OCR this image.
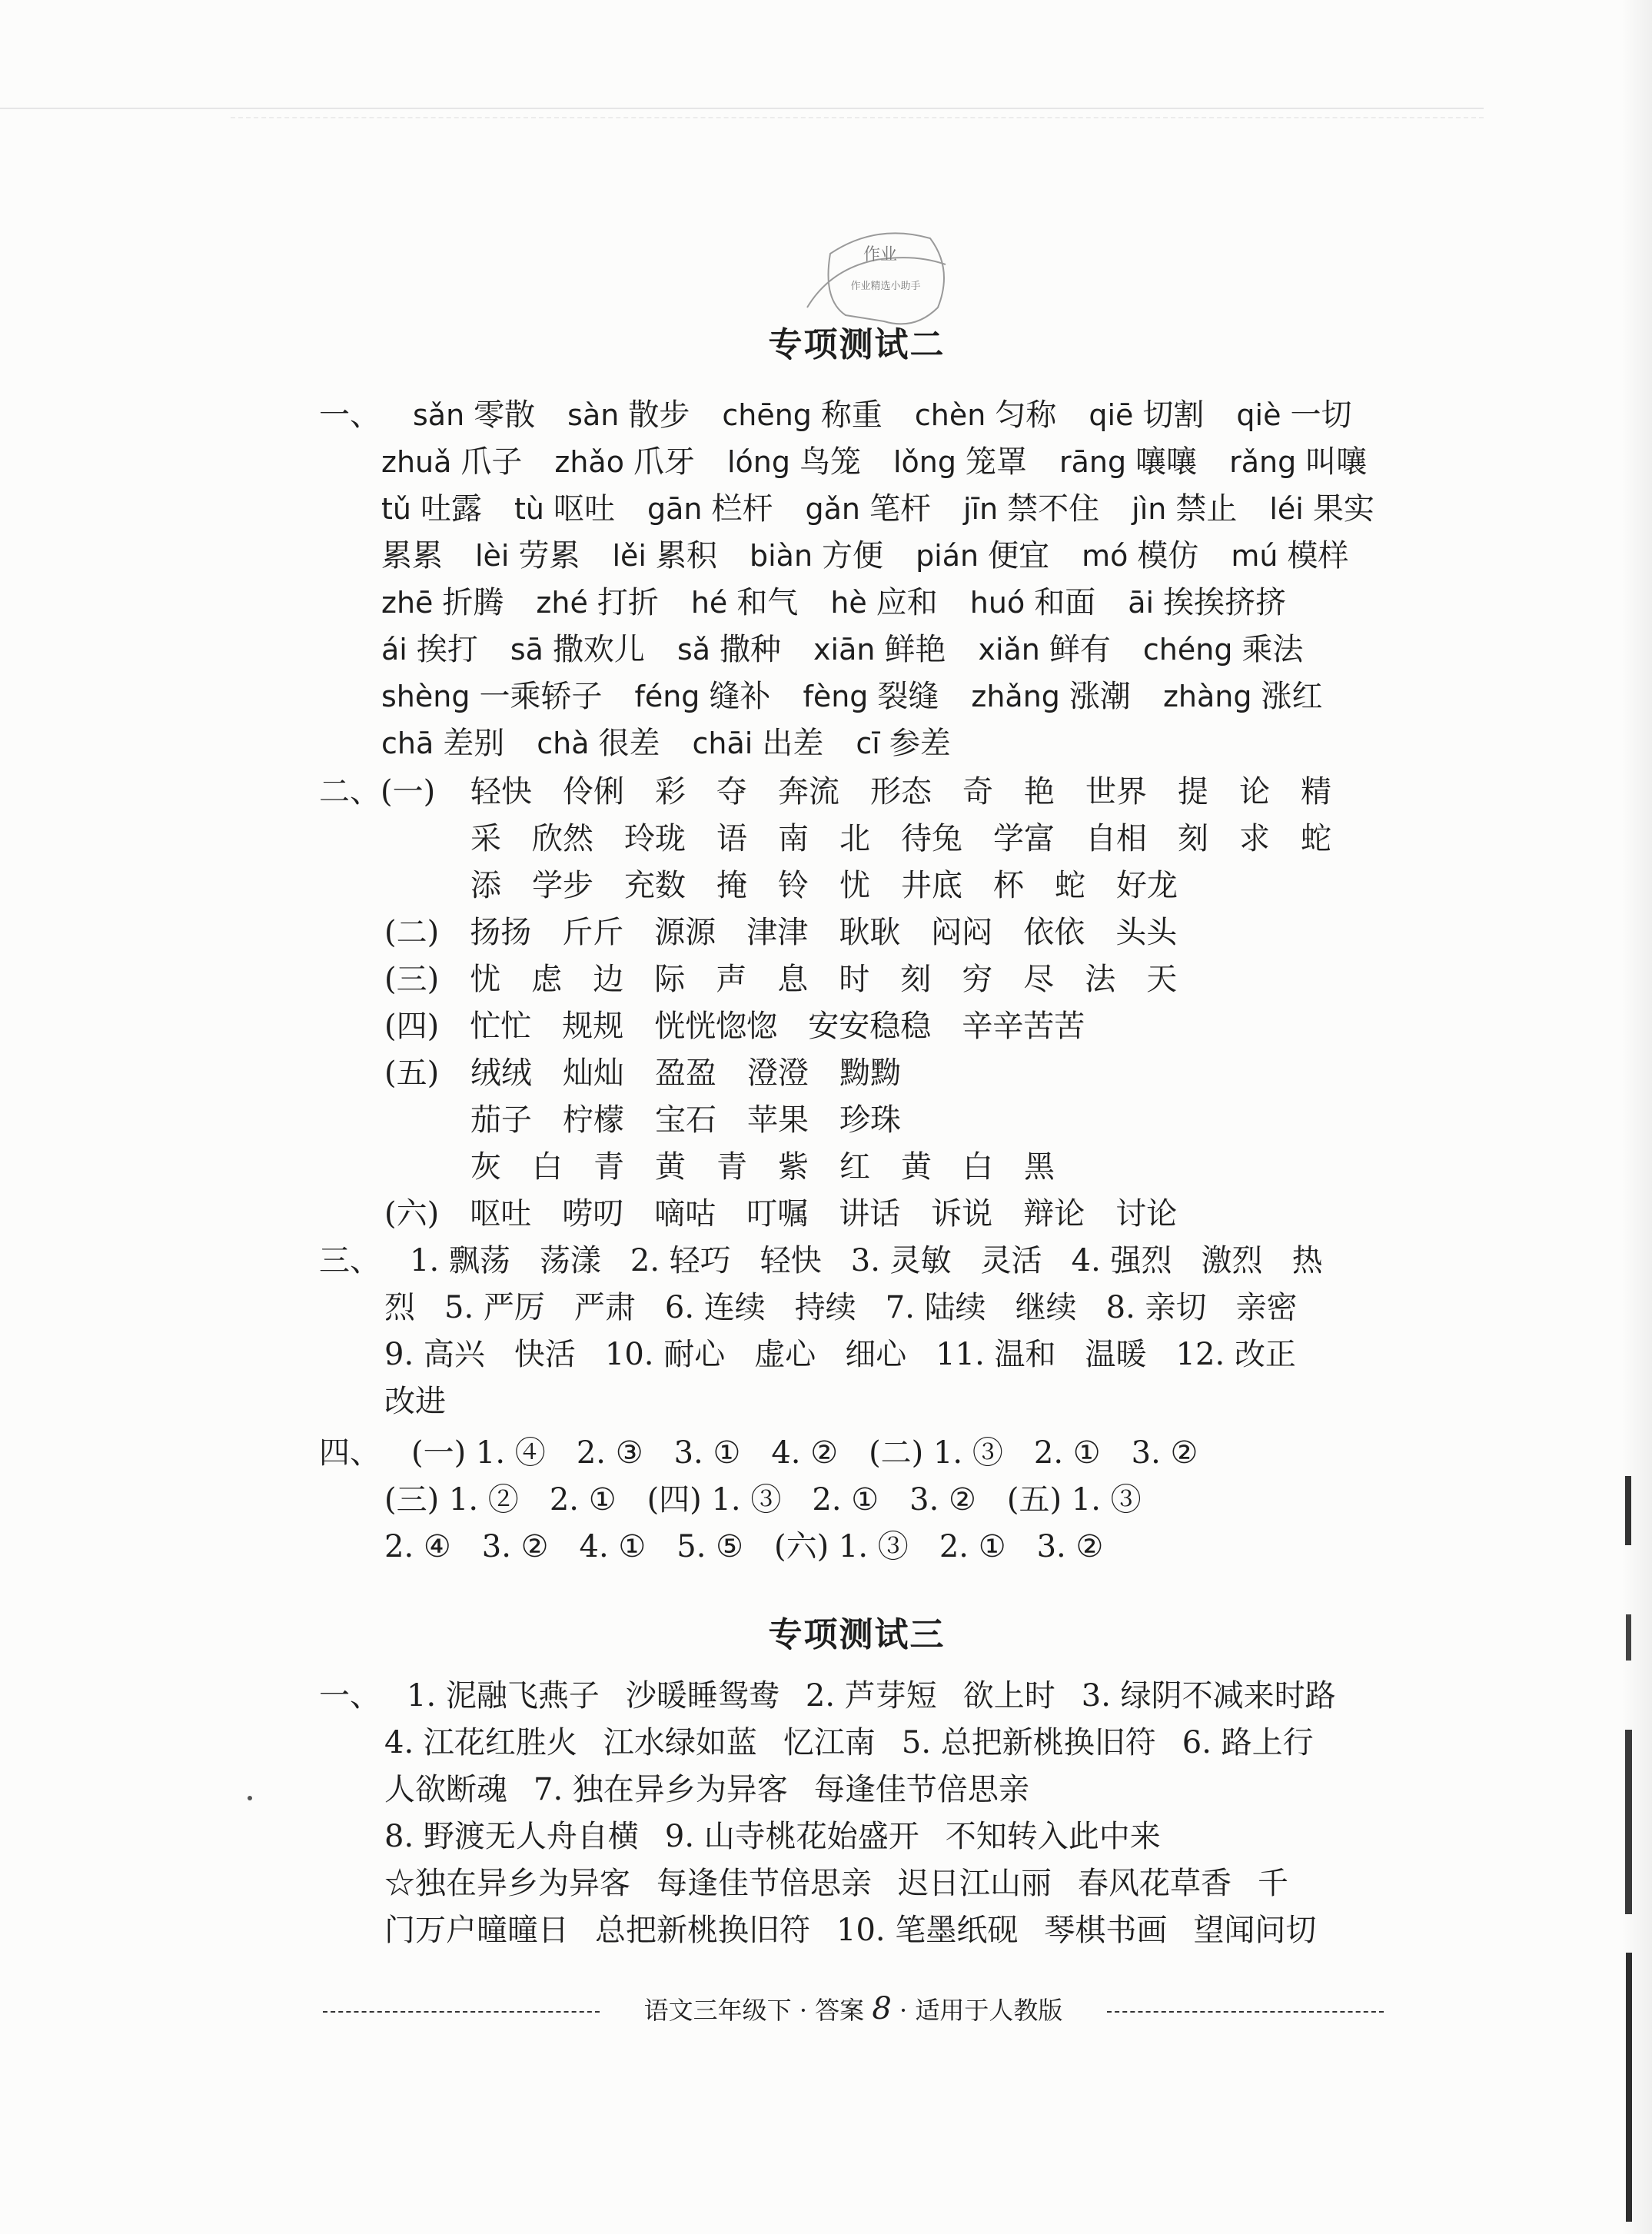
作业
作业精选小助手
专项测试二
专项测试三
一、 sǎn 零散 sàn 散步 chēng 称重 chèn 匀称 qiē 切割 qiè 一切
zhuǎ 爪子 zhǎo 爪牙 lóng 鸟笼 lǒng 笼罩 rāng 嚷嚷 rǎng 叫嚷
tǔ 吐露 tù 呕吐 gān 栏杆 gǎn 笔杆 jīn 禁不住 jìn 禁止 léi 果实
累累 lèi 劳累 lěi 累积 biàn 方便 pián 便宜 mó 模仿 mú 模样
zhē 折腾 zhé 打折 hé 和气 hè 应和 huó 和面 āi 挨挨挤挤
ái 挨打 sā 撒欢儿 sǎ 撒种 xiān 鲜艳 xiǎn 鲜有 chéng 乘法
shèng 一乘轿子 féng 缝补 fèng 裂缝 zhǎng 涨潮 zhàng 涨红
chā 差别 chà 很差 chāi 出差 cī 参差
二、(一) 轻快 伶俐 彩 夺 奔流 形态 奇 艳 世界 提 论 精
采 欣然 玲珑 语 南 北 待兔 学富 自相 刻 求 蛇
添 学步 充数 掩 铃 忧 井底 杯 蛇 好龙
(二) 扬扬 斤斤 源源 津津 耿耿 闷闷 依依 头头
(三) 忧 虑 边 际 声 息 时 刻 穷 尽 法 天
(四) 忙忙 规规 恍恍惚惚 安安稳稳 辛辛苦苦
(五) 绒绒 灿灿 盈盈 澄澄 黝黝
茄子 柠檬 宝石 苹果 珍珠
灰 白 青 黄 青 紫 红 黄 白 黑
(六) 呕吐 唠叨 嘀咕 叮嘱 讲话 诉说 辩论 讨论
三、 1. 飘荡 荡漾 2. 轻巧 轻快 3. 灵敏 灵活 4. 强烈 激烈 热
烈 5. 严厉 严肃 6. 连续 持续 7. 陆续 继续 8. 亲切 亲密
9. 高兴 快活 10. 耐心 虚心 细心 11. 温和 温暖 12. 改正
改进
四、 (一) 1. ④ 2. ③ 3. ① 4. ② (二) 1. ③ 2. ① 3. ②
(三) 1. ② 2. ① (四) 1. ③ 2. ① 3. ② (五) 1. ③
2. ④ 3. ② 4. ① 5. ⑤ (六) 1. ③ 2. ① 3. ②
一、 1. 泥融飞燕子 沙暖睡鸳鸯 2. 芦芽短 欲上时 3. 绿阴不减来时路
4. 江花红胜火 江水绿如蓝 忆江南 5. 总把新桃换旧符 6. 路上行
人欲断魂 7. 独在异乡为异客 每逢佳节倍思亲
8. 野渡无人舟自横 9. 山寺桃花始盛开 不知转入此中来
☆独在异乡为异客 每逢佳节倍思亲 迟日江山丽 春风花草香 千
门万户曈曈日 总把新桃换旧符 10. 笔墨纸砚 琴棋书画 望闻问切
语文三年级下 · 答案 8 · 适用于人教版
